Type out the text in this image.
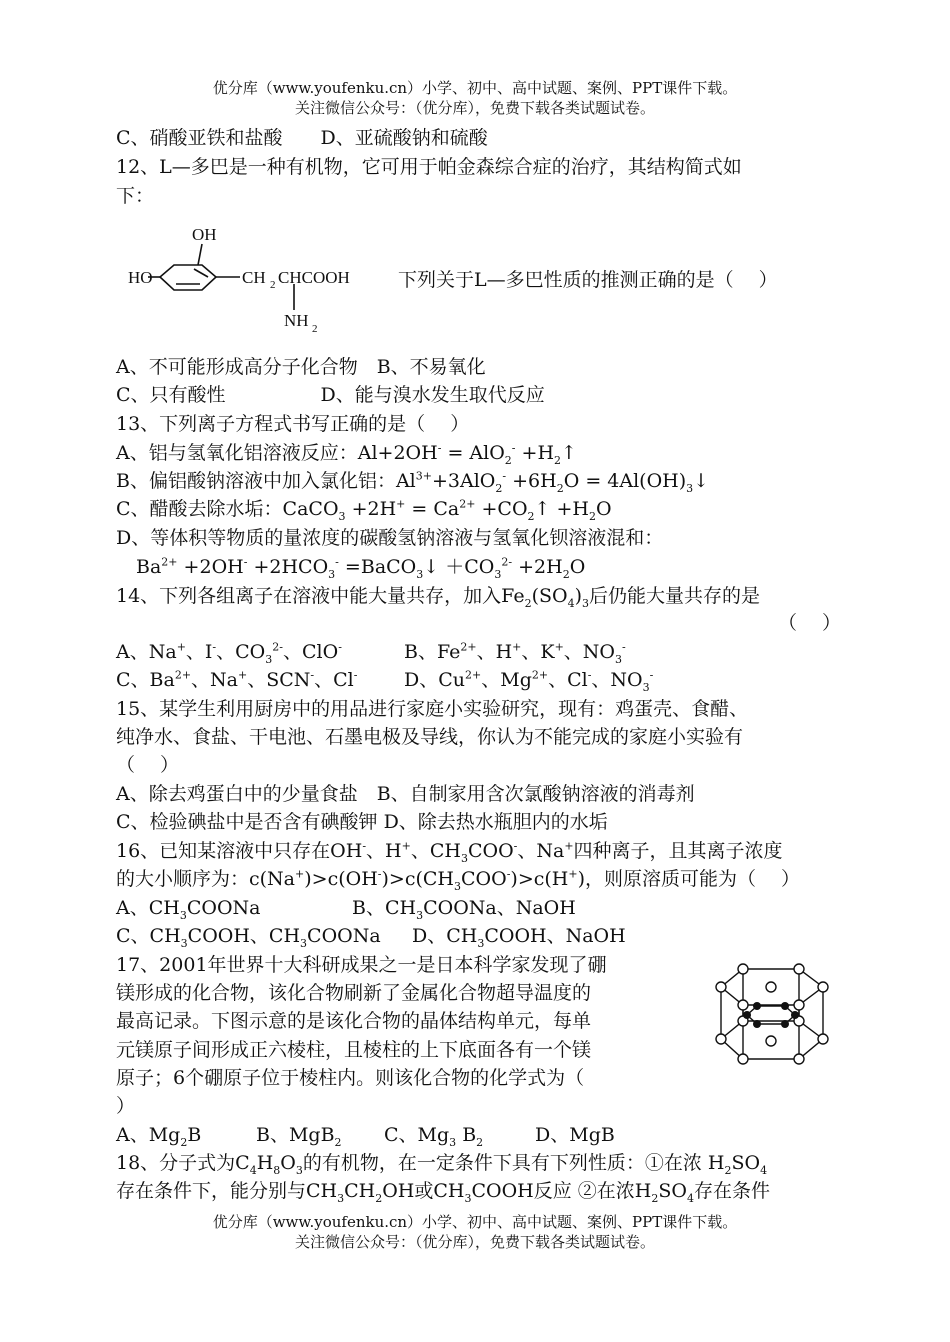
优分库（www.youfenku.cn）小学、初中、高中试题、案例、PPT课件下载。
关注微信公众号：（优分库），免费下载各类试题试卷。
C、硝酸亚铁和盐酸　　D、亚硫酸钠和硫酸
12、L—多巴是一种有机物，它可用于帕金森综合症的治疗，其结构简式如
下：
OH
HO	CH 2 CHCOOH
NH 2
下列关于L—多巴性质的推测正确的是（　 ）
A、不可能形成高分子化合物　B、不易氧化
C、只有酸性　　　　　D、能与溴水发生取代反应
13、下列离子方程式书写正确的是（　 ）
A、铝与氢氧化铝溶液反应：$Al+2OH^- = AlO_2^- +H_2↑$
B、偏铝酸钠溶液中加入氯化铝：$Al^{3+}+3AlO_2^- +6H_2O$ = $4Al(OH)_3↓$
C、醋酸去除水垢：CaCO$_3$ $+2H^+ = Ca^{2+}$ $+CO_2↑ +H_2O$
D、等体积等物质的量浓度的碳酸氢钠溶液与氢氧化钡溶液混和：
$Ba^{2+} +2OH^- +2HCO_3^-$ =BaCO$_3$↓ $+CO_3^{2-} +2H_2O$
14、下列各组离子在溶液中能大量共存，加入$Fe_2(SO_4)_3$后仍能大量共存的是
（　 ）
A、Na+、I-、$CO_3^{2-}$、ClO-	B、$Fe^{2+}$、H+、K+、$NO_3^-$
C、$Ba^{2+}$、Na+、SCN-、Cl- D、$Cu^{2+}$、$Mg^{2+}$、Cl-、$NO_3^-$
15、某学生利用厨房中的用品进行家庭小实验研究，现有：鸡蛋壳、食醋、
纯净水、食盐、干电池、石墨电极及导线，你认为不能完成的家庭小实验有
（　 ）
A、除去鸡蛋白中的少量食盐　B、自制家用含次氯酸钠溶液的消毒剂
C、检验碘盐中是否含有碘酸钾 D、除去热水瓶胆内的水垢
16、已知某溶液中只存在OH-、H+、$CH_3COO^-$、Na+四种离子，且其离子浓度
的大小顺序为：$c(Na^+)>c(OH^-)>c(CH_3COO^-)>c(H^+)$，则原溶质可能为（　 ）
A、$CH_3COONa$	B、$CH_3COONa$、NaOH
C、$CH_3COOH$、$CH_3COONa$ D、$CH_3COOH$、NaOH
17、2001年世界十大科研成果之一是日本科学家发现了硼
镁形成的化合物，该化合物刷新了金属化合物超导温度的
最高记录。下图示意的是该化合物的晶体结构单元，每单
元镁原子间形成正六棱柱，且棱柱的上下底面各有一个镁
原子；6个硼原子位于棱柱内。则该化合物的化学式为（
）
A、$Mg_2B$	B、MgB$_2$ C、$Mg_3$ $B_2$	D、MgB
18、分子式为$C_4H_8O_3$的有机物，在一定条件下具有下列性质：①在浓 $H_2SO_4$
存在条件下，能分别与$CH_3CH_2OH$或$CH_3COOH$反应 ②在浓$H_2SO_4$存在条件
优分库（www.youfenku.cn）小学、初中、高中试题、案例、PPT课件下载。
关注微信公众号：（优分库），免费下载各类试题试卷。
